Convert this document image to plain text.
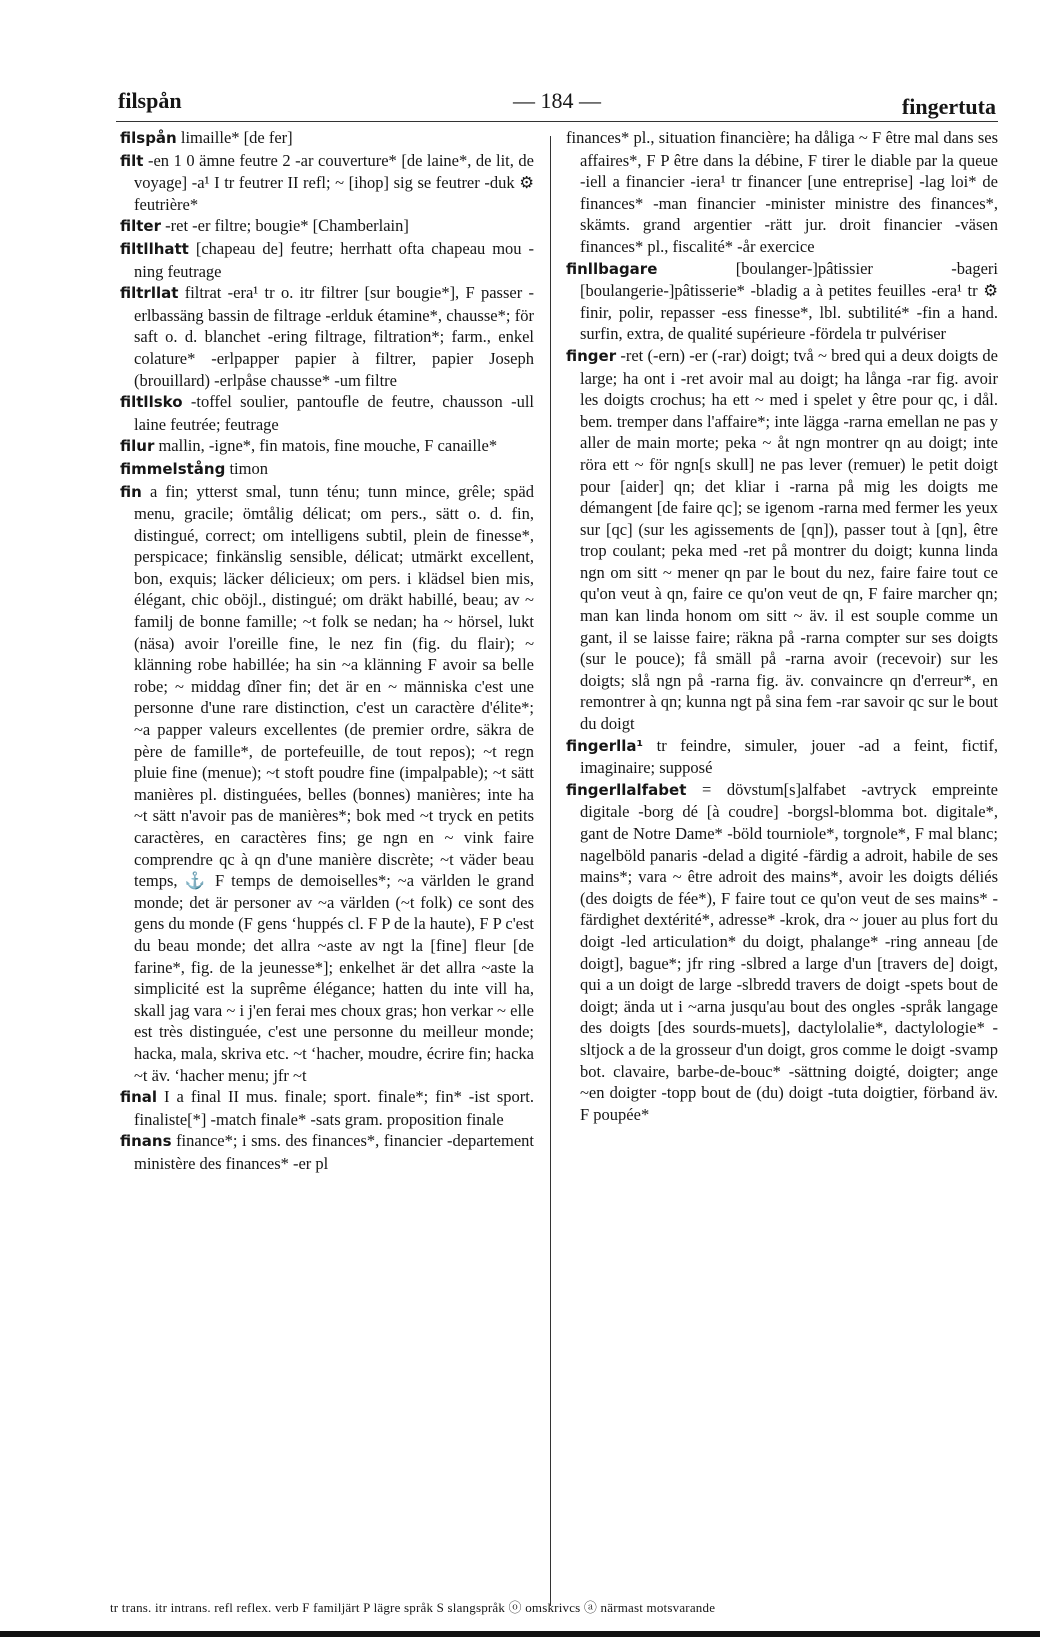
filspån	— 184 —	fingertuta
filspån limaille* [de fer]
filt -en 1 0 ämne feutre 2 -ar couverture* [de laine*, de lit, de voyage] -a¹ I tr feutrer II refl; ~ [ihop] sig se feutrer -duk ⚙ feutrière*
filter -ret -er filtre; bougie* [Chamberlain]
filtllhatt [chapeau de] feutre; herrhatt ofta chapeau mou -ning feutrage
filtrllat filtrat -era¹ tr o. itr filtrer [sur bougie*], F passer -erlbassäng bassin de filtrage -erlduk étamine*, chausse*; för saft o. d. blanchet -ering filtrage, filtration*; farm., enkel colature* -erlpapper papier à filtrer, papier Joseph (brouillard) -erlpåse chausse* -um filtre
filtllsko -toffel soulier, pantoufle de feutre, chausson -ull laine feutrée; feutrage
filur mallin, -igne*, fin matois, fine mouche, F canaille*
fimmelstång timon
fin a fin; ytterst smal, tunn ténu; tunn mince, grêle; späd menu, gracile; ömtålig délicat; om pers., sätt o. d. fin, distingué, correct; om intelligens subtil, plein de finesse*, perspicace; finkänslig sensible, délicat; utmärkt excellent, bon, exquis; läcker délicieux; om pers. i klädsel bien mis, élégant, chic oböjl., distingué; om dräkt habillé, beau; av ~ familj de bonne famille; ~t folk se nedan; ha ~ hörsel, lukt (näsa) avoir l'oreille fine, le nez fin (fig. du flair); ~ klänning robe habillée; ha sin ~a klänning F avoir sa belle robe; ~ middag dîner fin; det är en ~ människa c'est une personne d'une rare distinction, c'est un caractère d'élite*; ~a papper valeurs excellentes (de premier ordre, säkra de père de famille*, de portefeuille, de tout repos); ~t regn pluie fine (menue); ~t stoft poudre fine (impalpable); ~t sätt manières pl. distinguées, belles (bonnes) manières; inte ha ~t sätt n'avoir pas de manières*; bok med ~t tryck en petits caractères, en caractères fins; ge ngn en ~ vink faire comprendre qc à qn d'une manière discrète; ~t väder beau temps, ⚓ F temps de demoiselles*; ~a världen le grand monde; det är personer av ~a världen (~t folk) ce sont des gens du monde (F gens ʻhuppés cl. F P de la haute), F P c'est du beau monde; det allra ~aste av ngt la [fine] fleur [de farine*, fig. de la jeunesse*]; enkelhet är det allra ~aste la simplicité est la suprême élégance; hatten du inte vill ha, skall jag vara ~ i j'en ferai mes choux gras; hon verkar ~ elle est très distinguée, c'est une personne du meilleur monde; hacka, mala, skriva etc. ~t ʻhacher, moudre, écrire fin; hacka ~t äv. ʻhacher menu; jfr ~t
final I a final II mus. finale; sport. finale*; fin* -ist sport. finaliste[*] -match finale* -sats gram. proposition finale
finans finance*; i sms. des finances*, financier -departement ministère des finances* -er pl
finances* pl., situation financière; ha dåliga ~ F être mal dans ses affaires*, F P être dans la débine, F tirer le diable par la queue -iell a financier -iera¹ tr financer [une entreprise] -lag loi* de finances* -man financier -minister ministre des finances*, skämts. grand argentier -rätt jur. droit financier -väsen finances* pl., fiscalité* -år exercice
finllbagare	[boulanger-]pâtissier -bageri [boulangerie-]pâtisserie* -bladig a à petites feuilles -era¹ tr ⚙ finir, polir, repasser -ess finesse*, lbl. subtilité* -fin a hand. surfin, extra, de qualité supérieure -fördela tr pulvériser
finger -ret (-ern) -er (-rar) doigt; två ~ bred qui a deux doigts de large; ha ont i -ret avoir mal au doigt; ha långa -rar fig. avoir les doigts crochus; ha ett ~ med i spelet y être pour qc, i dål. bem. tremper dans l'affaire*; inte lägga -rarna emellan ne pas y aller de main morte; peka ~ åt ngn montrer qn au doigt; inte röra ett ~ för ngn[s skull] ne pas lever (remuer) le petit doigt pour [aider] qn; det kliar i -rarna på mig les doigts me démangent [de faire qc]; se igenom -rarna med fermer les yeux sur [qc] (sur les agissements de [qn]), passer tout à [qn], être trop coulant; peka med -ret på montrer du doigt; kunna linda ngn om sitt ~ mener qn par le bout du nez, faire faire tout ce qu'on veut à qn, faire ce qu'on veut de qn, F faire marcher qn; man kan linda honom om sitt ~ äv. il est souple comme un gant, il se laisse faire; räkna på -rarna compter sur ses doigts (sur le pouce); få smäll på -rarna avoir (recevoir) sur les doigts; slå ngn på -rarna fig. äv. convaincre qn d'erreur*, en remontrer à qn; kunna ngt på sina fem -rar savoir qc sur le bout du doigt
fingerlla¹ tr feindre, simuler, jouer -ad a feint, fictif, imaginaire; supposé
fingerllalfabet = dövstum[s]alfabet -avtryck empreinte digitale -borg dé [à coudre] -borgsl-blomma bot. digitale*, gant de Notre Dame* -böld tourniole*, torgnole*, F mal blanc; nagelböld panaris -delad a digité -färdig a adroit, habile de ses mains*; vara ~ être adroit des mains*, avoir les doigts déliés (des doigts de fée*), F faire tout ce qu'on veut de ses mains* -färdighet dextérité*, adresse* -krok, dra ~ jouer au plus fort du doigt -led articulation* du doigt, phalange* -ring anneau [de doigt], bague*; jfr ring -slbred a large d'un [travers de] doigt, qui a un doigt de large -slbredd travers de doigt -spets bout de doigt; ända ut i ~arna jusqu'au bout des ongles -språk langage des doigts [des sourds-muets], dactylolalie*, dactylologie* -sltjock a de la grosseur d'un doigt, gros comme le doigt -svamp bot. clavaire, barbe-de-bouc* -sättning doigté, doigter; ange ~en doigter -topp bout de (du) doigt -tuta doigtier, förband äv. F poupée*
tr trans. itr intrans. refl reflex. verb F familjärt P lägre språk S slangspråk ⓞ omskrivcs ⓐ närmast motsvarande
